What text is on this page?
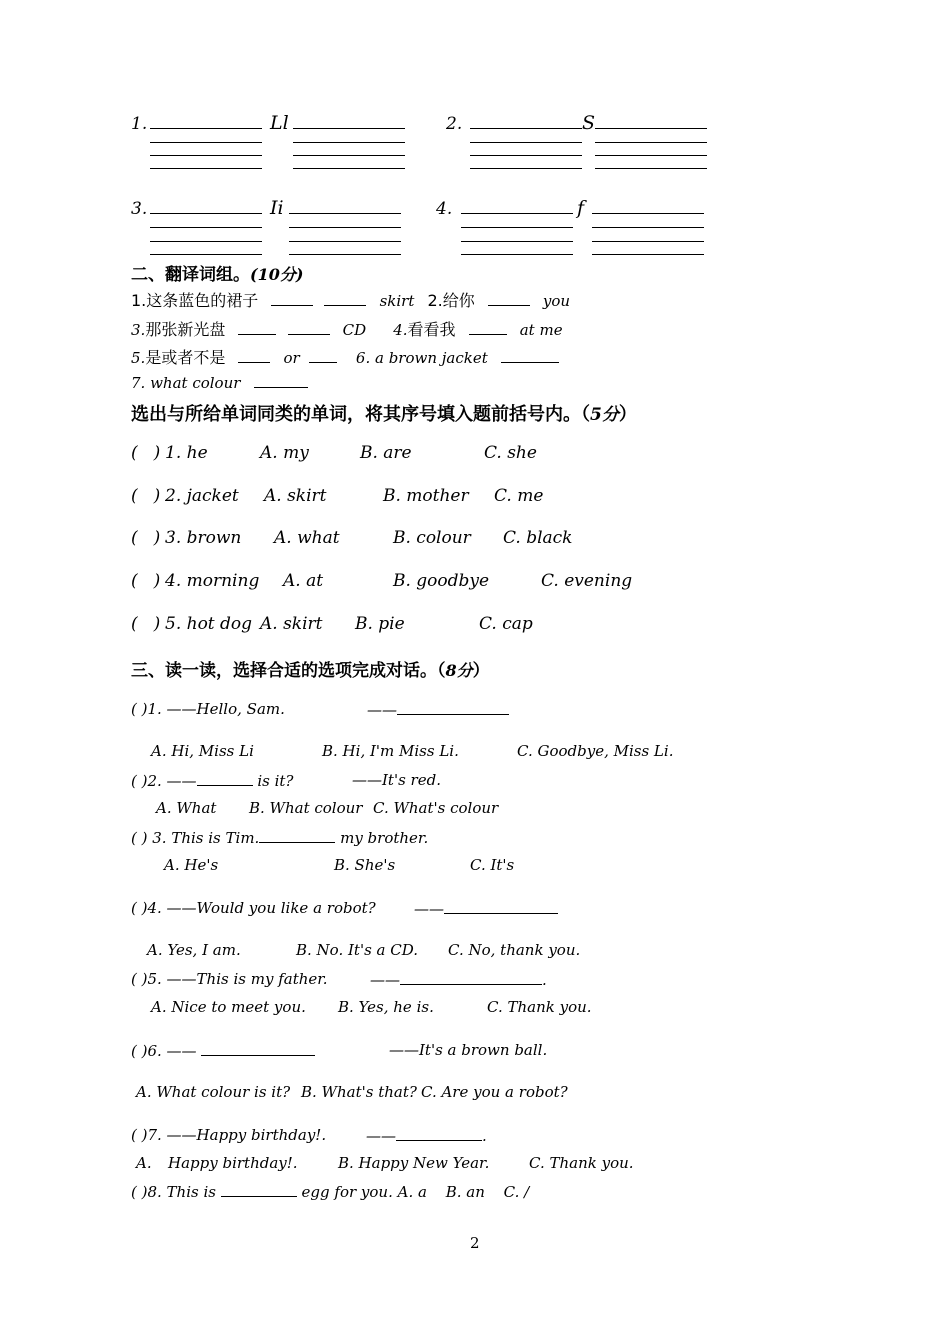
1.	Ll	2.	S
3.	Ii	4.	f
二、翻译词组。(10分)
1.这条蓝色的裙子	skirt 2.给你	you
3.那张新光盘	CD 4.看看我	at me
5.是或者不是	or	6. a brown jacket
7. what colour
选出与所给单词同类的单词，将其序号填入题前括号内。（5分）
( ) 1. he	A. my	B. are	C. she
( ) 2. jacket A. skirt	B. mother C. me
( ) 3. brown A. what	B. colour C. black
( ) 4. morning A. at	B. goodbye	C. evening
( ) 5. hot dog A. skirt B. pie	C. cap
三、读一读，选择合适的选项完成对话。（8分）
( )1. ——Hello, Sam.	——
A. Hi, Miss Li	B. Hi, I'm Miss Li.	C. Goodbye, Miss Li.
( )2. ——	is it?	——It's red.
A. What B. What colour C. What's colour
( ) 3. This is Tim.	my brother.
A. He's	B. She's	C. It's
( )4. ——Would you like a robot?	——
A. Yes, I am.	B. No. It's a CD. C. No, thank you.
( )5. ——This is my father.	——	.
A. Nice to meet you. B. Yes, he is.	C. Thank you.
( )6. ——	——It's a brown ball.
A. What colour is it? B. What's that? C. Are you a robot?
( )7. ——Happy birthday!.	——	.
A. Happy birthday!.	B. Happy New Year.	C. Thank you.
( )8. This is	egg for you. A. a B. an C. /
2
